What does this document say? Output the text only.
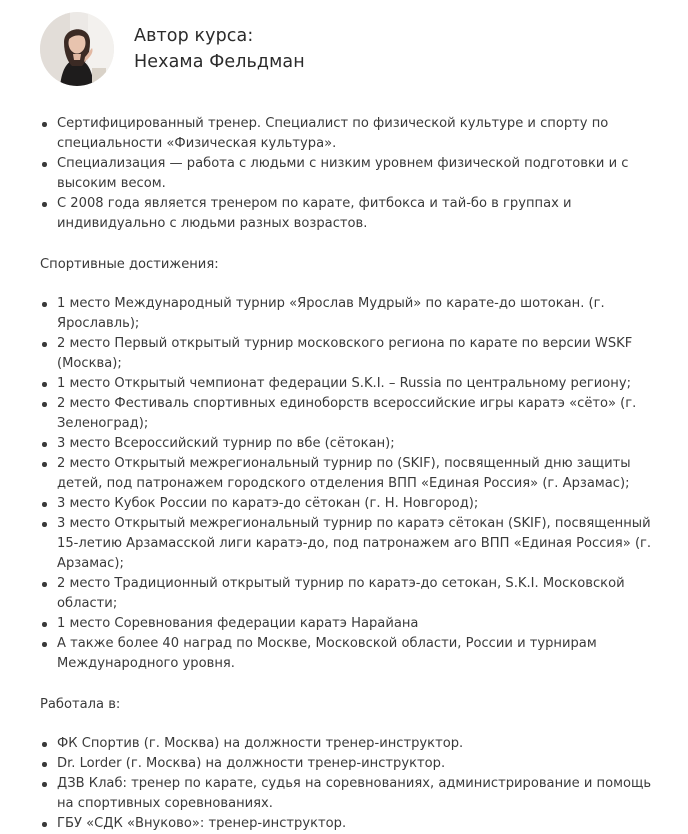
Автор курса:
Нехама Фельдман
Сертифицированный тренер. Специалист по физической культуре и спорту по специальности «Физическая культура».
Специализация — работа с людьми с низким уровнем физической подготовки и с высоким весом.
С 2008 года является тренером по карате, фитбокса и тай-бо в группах и индивидуально с людьми разных возрастов.
Спортивные достижения:
1 место Международный турнир «Ярослав Мудрый» по карате-до шотокан. (г. Ярославль);
2 место Первый открытый турнир московского региона по карате по версии WSKF (Москва);
1 место Открытый чемпионат федерации S.K.I. – Russia по центральному региону;
2 место Фестиваль спортивных единоборств всероссийские игры каратэ «сёто» (г. Зеленоград);
3 место Всероссийский турнир по вбе (сётокан);
2 место Открытый межрегиональный турнир по (SKIF), посвященный дню защиты детей, под патронажем городского отделения ВПП «Единая Россия» (г. Арзамас);
3 место Кубок России по каратэ-до сётокан (г. Н. Новгород);
3 место Открытый межрегиональный турнир по каратэ сётокан (SKIF), посвященный 15-летию Арзамасской лиги каратэ-до, под патронажем аго ВПП «Единая Россия» (г. Арзамас);
2 место Традиционный открытый турнир по каратэ-до сетокан, S.K.I. Московской области;
1 место Соревнования федерации каратэ Нарайана
А также более 40 наград по Москве, Московской области, России и турнирам Международного уровня.
Работала в:
ФК Спортив (г. Москва) на должности тренер-инструктор.
Dr. Lorder (г. Москва) на должности тренер-инструктор.
ДЗВ Клаб: тренер по карате, судья на соревнованиях, администрирование и помощь на спортивных соревнованиях.
ГБУ «СДК «Внуково»: тренер-инструктор.
